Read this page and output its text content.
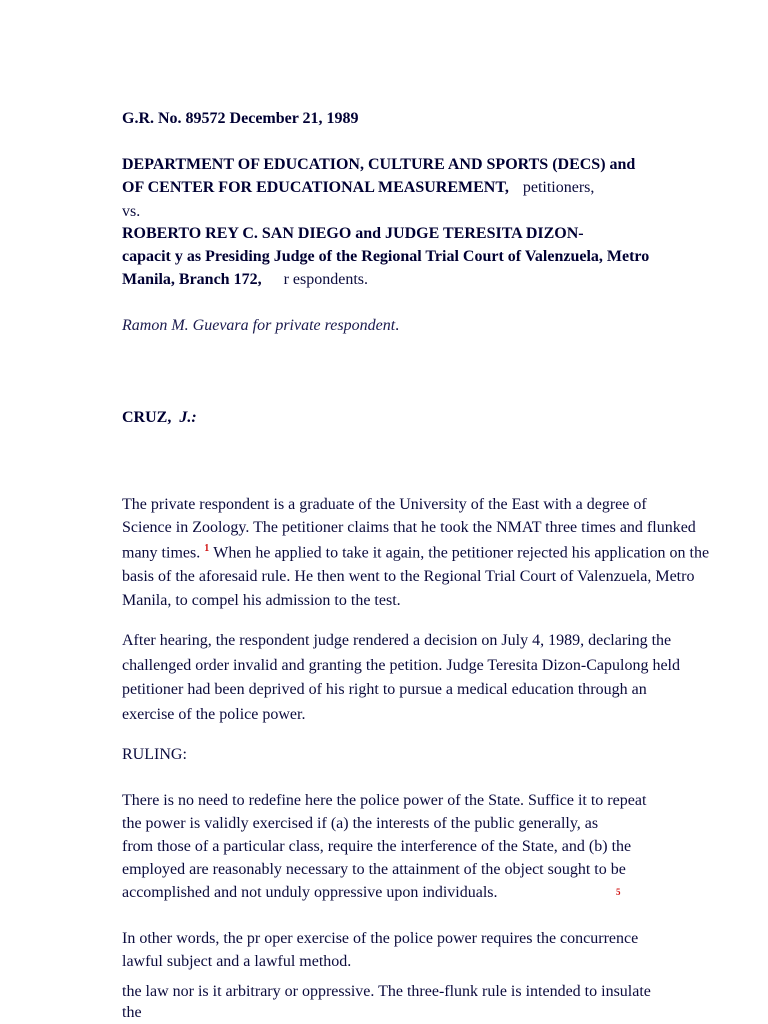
G.R. No. 89572 December 21, 1989
DEPARTMENT OF EDUCATION, CULTURE AND SPORTS (DECS) and
OF CENTER FOR EDUCATIONAL MEASUREMENT, petitioners,
vs.
ROBERTO REY C. SAN DIEGO and JUDGE TERESITA DIZON-
capacit y as Presiding Judge of the Regional Trial Court of Valenzuela, Metro
Manila, Branch 172, r espondents.
Ramon M. Guevara for private respondent.
CRUZ, J.:
The private respondent is a graduate of the University of the East with a degree of
Science in Zoology. The petitioner claims that he took the NMAT three times and flunked
many times. $^1$ When he applied to take it again, the petitioner rejected his application on the
basis of the aforesaid rule. He then went to the Regional Trial Court of Valenzuela, Metro
Manila, to compel his admission to the test.
After hearing, the respondent judge rendered a decision on July 4, 1989, declaring the
challenged order invalid and granting the petition. Judge Teresita Dizon-Capulong held
petitioner had been deprived of his right to pursue a medical education through an
exercise of the police power.
RULING:
There is no need to redefine here the police power of the State. Suffice it to repeat
the power is validly exercised if (a) the interests of the public generally, as
from those of a particular class, require the interference of the State, and (b) the
employed are reasonably necessary to the attainment of the object sought to be
accomplished and not unduly oppressive upon individuals.	5
In other words, the pr oper exercise of the police power requires the concurrence
lawful subject and a lawful method.
the law nor is it arbitrary or oppressive. The three-flunk rule is intended to insulate
the
